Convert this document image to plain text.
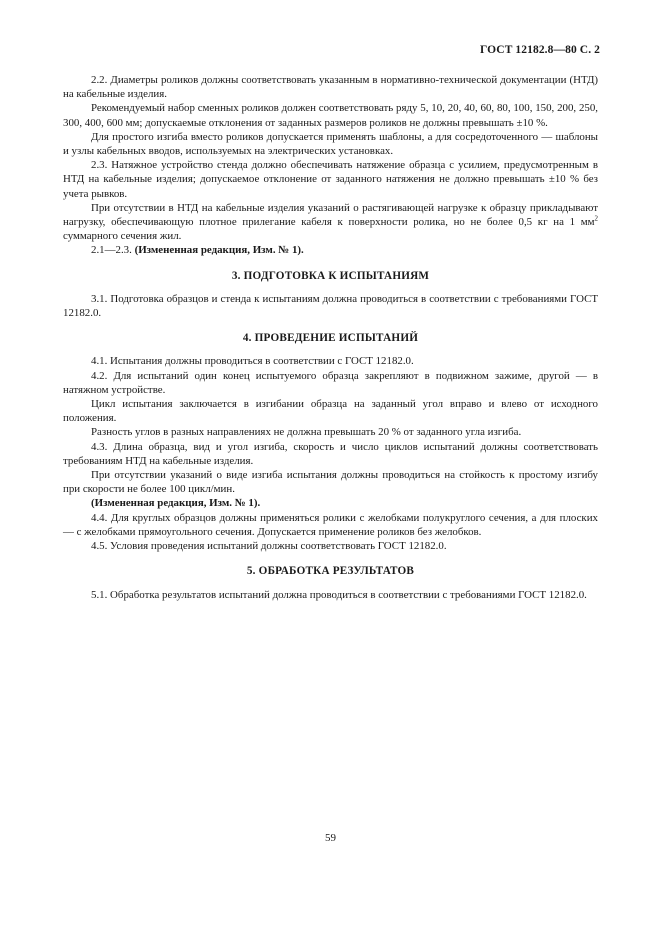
ГОСТ 12182.8—80 С. 2

2.2. Диаметры роликов должны соответствовать указанным в нормативно-технической документации (НТД) на кабельные изделия.

Рекомендуемый набор сменных роликов должен соответствовать ряду 5, 10, 20, 40, 60, 80, 100, 150, 200, 250, 300, 400, 600 мм; допускаемые отклонения от заданных размеров роликов не должны превышать ±10 %.

Для простого изгиба вместо роликов допускается применять шаблоны, а для сосредоточенного — шаблоны и узлы кабельных вводов, используемых на электрических установках.

2.3. Натяжное устройство стенда должно обеспечивать натяжение образца с усилием, предусмотренным в НТД на кабельные изделия; допускаемое отклонение от заданного натяжения не должно превышать ±10 % без учета рывков.

При отсутствии в НТД на кабельные изделия указаний о растягивающей нагрузке к образцу прикладывают нагрузку, обеспечивающую плотное прилегание кабеля к поверхности ролика, но не более 0,5 кг на 1 $мм^2$ суммарного сечения жил.

2.1—2.3. (Измененная редакция, Изм. № 1).

3. ПОДГОТОВКА К ИСПЫТАНИЯМ

3.1. Подготовка образцов и стенда к испытаниям должна проводиться в соответствии с требованиями ГОСТ 12182.0.

4. ПРОВЕДЕНИЕ ИСПЫТАНИЙ

4.1. Испытания должны проводиться в соответствии с ГОСТ 12182.0.

4.2. Для испытаний один конец испытуемого образца закрепляют в подвижном зажиме, другой — в натяжном устройстве.

Цикл испытания заключается в изгибании образца на заданный угол вправо и влево от исходного положения.

Разность углов в разных направлениях не должна превышать 20 % от заданного угла изгиба.

4.3. Длина образца, вид и угол изгиба, скорость и число циклов испытаний должны соответствовать требованиям НТД на кабельные изделия.

При отсутствии указаний о виде изгиба испытания должны проводиться на стойкость к простому изгибу при скорости не более 100 цикл/мин.

(Измененная редакция, Изм. № 1).

4.4. Для круглых образцов должны применяться ролики с желобками полукруглого сечения, а для плоских — с желобками прямоугольного сечения. Допускается применение роликов без желобков.

4.5. Условия проведения испытаний должны соответствовать ГОСТ 12182.0.

5. ОБРАБОТКА РЕЗУЛЬТАТОВ

5.1. Обработка результатов испытаний должна проводиться в соответствии с требованиями ГОСТ 12182.0.

59
